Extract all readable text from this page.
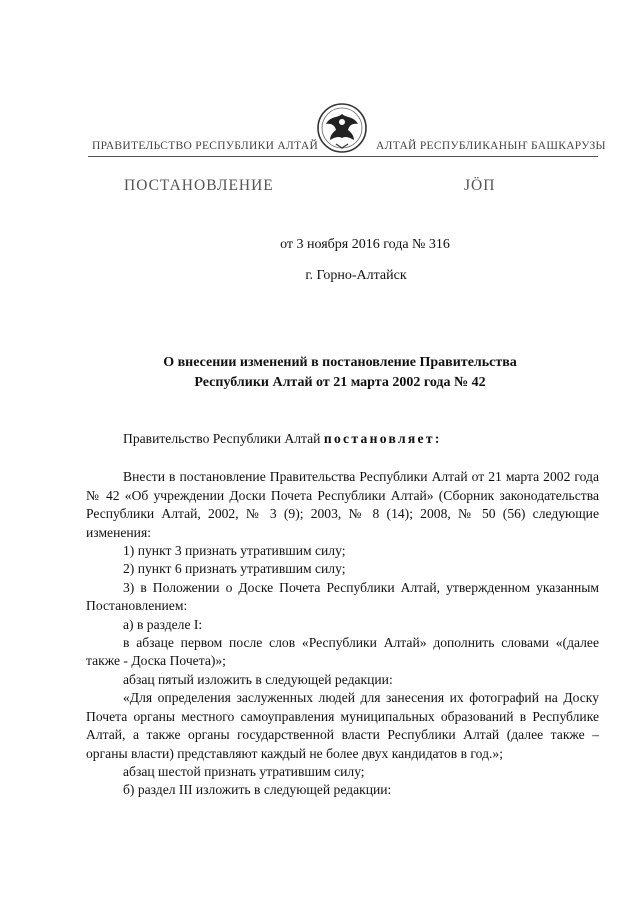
ПРАВИТЕЛЬСТВО РЕСПУБЛИКИ АЛТАЙ	АЛТАЙ РЕСПУБЛИКАНЫҤ БАШКАРУЗЫ
ПОСТАНОВЛЕНИЕ	ЈÖП
от 3 ноября 2016 года № 316
г. Горно-Алтайск
О внесении изменений в постановление Правительства
Республики Алтай от 21 марта 2002 года № 42

Правительство Республики Алтай постановляет:

Внести в постановление Правительства Республики Алтай от 21 марта 2002 года № 42 «Об учреждении Доски Почета Республики Алтай» (Сборник законодательства Республики Алтай, 2002, № 3 (9); 2003, № 8 (14); 2008, № 50 (56) следующие изменения:

1) пункт 3 признать утратившим силу;

2) пункт 6 признать утратившим силу;

3) в Положении о Доске Почета Республики Алтай, утвержденном указанным Постановлением:

а) в разделе I:

в абзаце первом после слов «Республики Алтай» дополнить словами «(далее также - Доска Почета)»;

абзац пятый изложить в следующей редакции:

«Для определения заслуженных людей для занесения их фотографий на Доску Почета органы местного самоуправления муниципальных образований в Республике Алтай, а также органы государственной власти Республики Алтай (далее также – органы власти) представляют каждый не более двух кандидатов в год.»;

абзац шестой признать утратившим силу;

б) раздел III изложить в следующей редакции:
